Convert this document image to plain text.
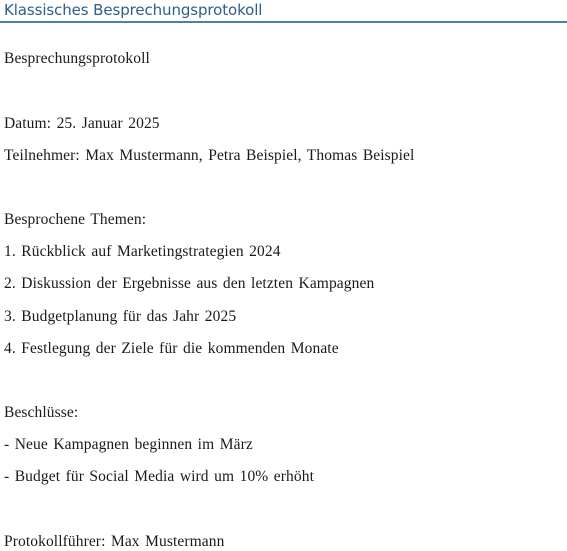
Klassisches Besprechungsprotokoll
Besprechungsprotokoll
Datum: 25. Januar 2025
Teilnehmer: Max Mustermann, Petra Beispiel, Thomas Beispiel
Besprochene Themen:
1. Rückblick auf Marketingstrategien 2024
2. Diskussion der Ergebnisse aus den letzten Kampagnen
3. Budgetplanung für das Jahr 2025
4. Festlegung der Ziele für die kommenden Monate
Beschlüsse:
- Neue Kampagnen beginnen im März
- Budget für Social Media wird um 10% erhöht
Protokollführer: Max Mustermann
